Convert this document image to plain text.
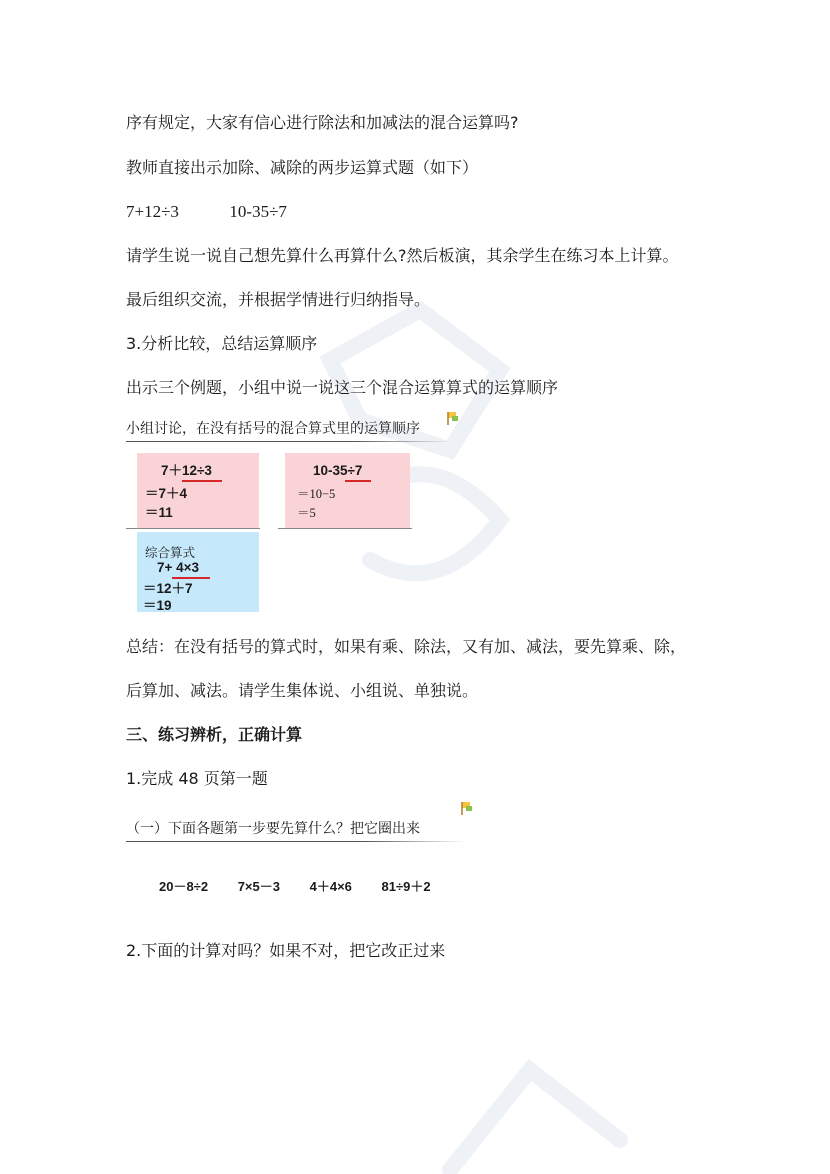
序有规定，大家有信心进行除法和加减法的混合运算吗?
教师直接出示加除、减除的两步运算式题（如下）
7+12÷3	10-35÷7
请学生说一说自己想先算什么再算什么?然后板演，其余学生在练习本上计算。
最后组织交流，并根据学情进行归纳指导。
3.分析比较，总结运算顺序
出示三个例题，小组中说一说这三个混合运算算式的运算顺序
小组讨论，在没有括号的混合算式里的运算顺序
7＋12÷3
＝7＋4
＝11
10-35÷7
＝10−5
＝5
综合算式
7+ 4×3
＝12＋7
＝19
总结：在没有括号的算式时，如果有乘、除法，又有加、减法，要先算乘、除，
后算加、减法。请学生集体说、小组说、单独说。
三、练习辨析，正确计算
1.完成 48 页第一题
（一）下面各题第一步要先算什么？把它圈出来
20－8÷2 7×5－3 4＋4×6 81÷9＋2
2.下面的计算对吗？如果不对，把它改正过来
